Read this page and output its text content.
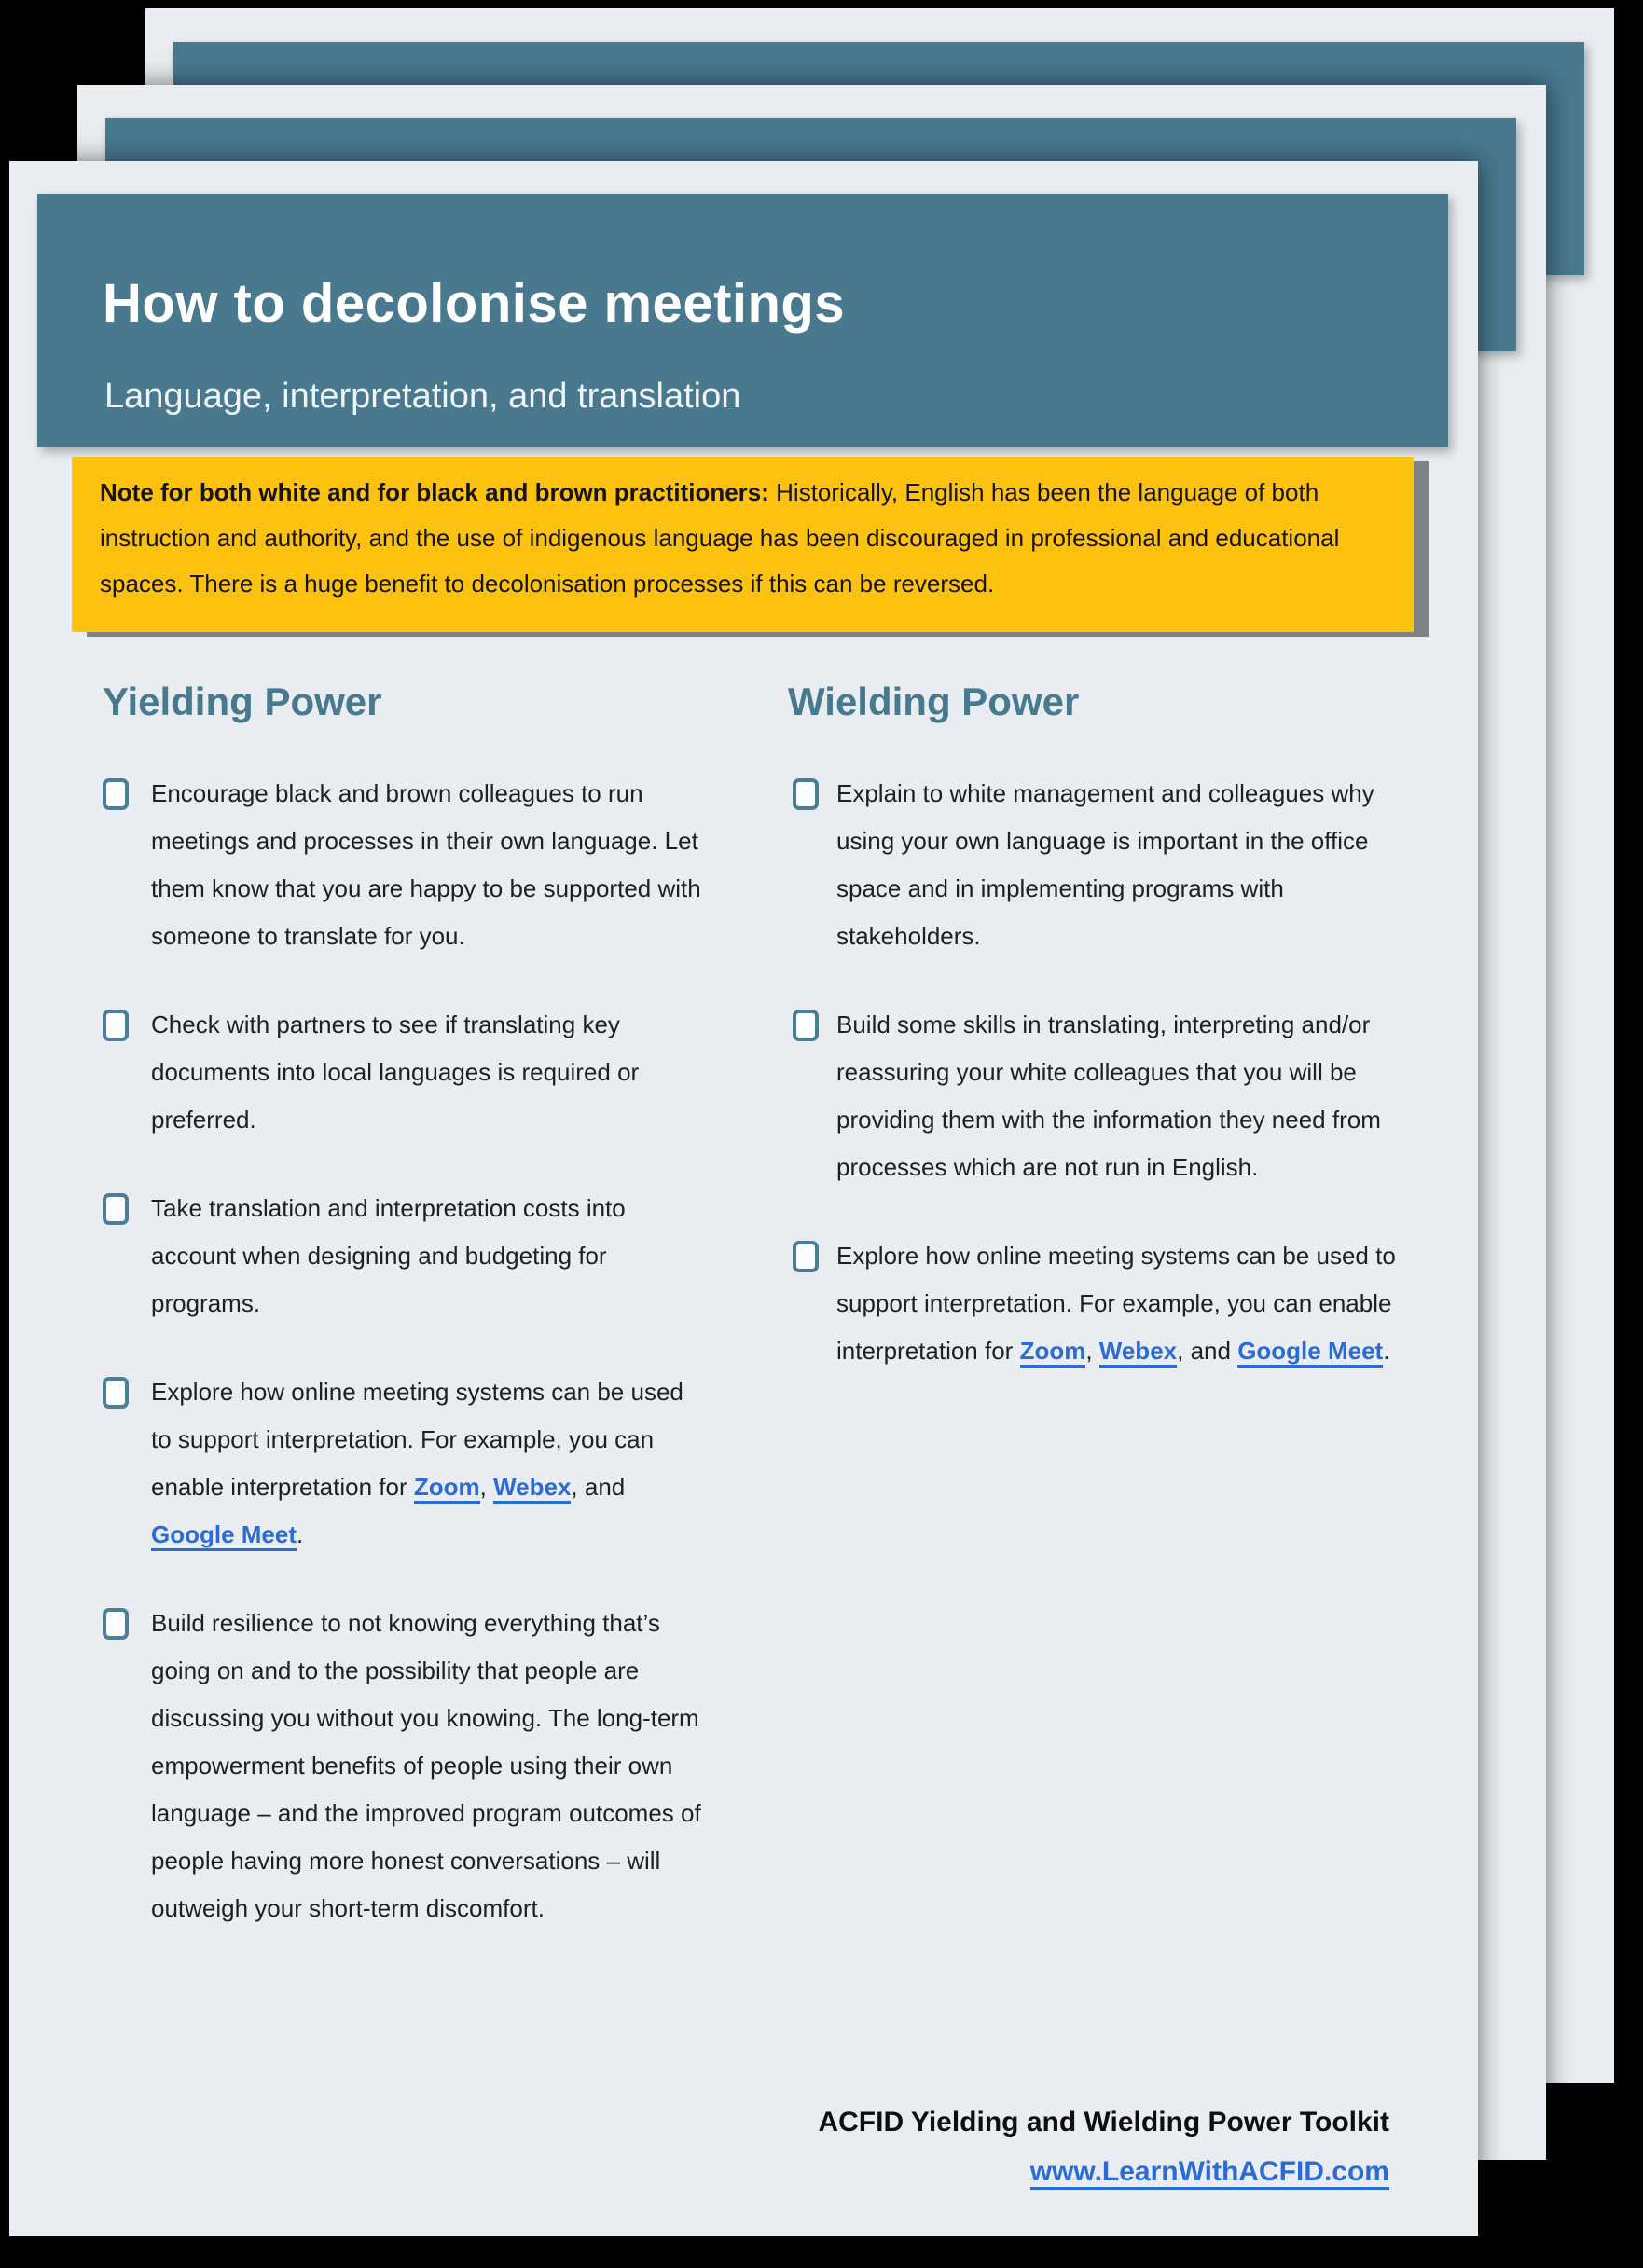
How to decolonise meetings
Language, interpretation, and translation
Note for both white and for black and brown practitioners: Historically, English has been the language of both instruction and authority, and the use of indigenous language has been discouraged in professional and educational spaces. There is a huge benefit to decolonisation processes if this can be reversed.
Yielding Power	Wielding Power
Encourage black and brown colleagues to run meetings and processes in their own language. Let them know that you are happy to be supported with someone to translate for you.
Check with partners to see if translating key documents into local languages is required or preferred.
Take translation and interpretation costs into account when designing and budgeting for programs.
Explore how online meeting systems can be used to support interpretation. For example, you can enable interpretation for Zoom, Webex, and Google Meet.
Build resilience to not knowing everything that’s going on and to the possibility that people are discussing you without you knowing. The long-term empowerment benefits of people using their own language – and the improved program outcomes of people having more honest conversations – will outweigh your short-term discomfort.
Explain to white management and colleagues why using your own language is important in the office space and in implementing programs with stakeholders.
Build some skills in translating, interpreting and/or reassuring your white colleagues that you will be providing them with the information they need from processes which are not run in English.
Explore how online meeting systems can be used to support interpretation. For example, you can enable interpretation for Zoom, Webex, and Google Meet.
ACFID Yielding and Wielding Power Toolkit
www.LearnWithACFID.com
